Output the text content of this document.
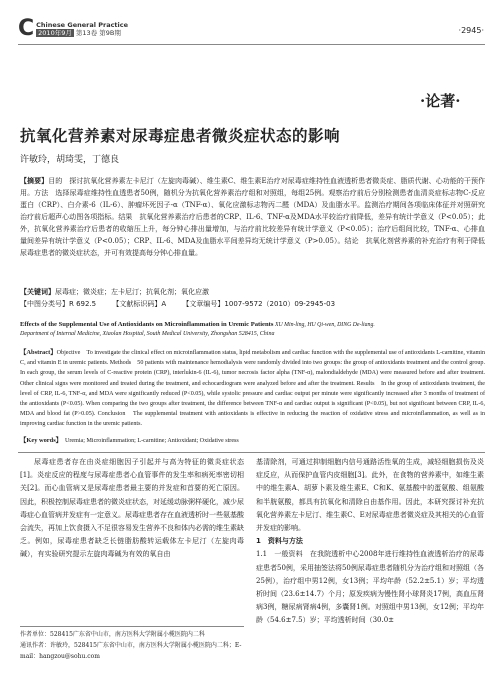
C Chinese General Practice
2010年9月 第13卷 第9B期	·2945·
·论著·
抗氧化营养素对尿毒症患者微炎症状态的影响
许敏玲，胡琦雯，丁德良
【摘要】目的　探讨抗氧化营养素左卡尼汀（左旋肉毒碱）、维生素C、维生素E治疗对尿毒症维持性血液透析患者微炎症、脂质代谢、心功能的干预作用。方法　选择尿毒症维持性血透患者50例，随机分为抗氧化营养素治疗组和对照组，每组25例。观察治疗前后分别检测患者血清炎症标志物C-反应蛋白（CRP）、白介素-6（IL-6）、肿瘤坏死因子-α（TNF-α）、氧化应激标志物丙二醛（MDA）及血脂水平。监测治疗期间各项临床体征并对照研究治疗前后超声心动图各项指标。结果　抗氧化营养素治疗后患者的CRP、IL-6、TNF-α及MDA水平较治疗前降低，差异有统计学意义（P<0.05）；此外，抗氧化营养素治疗后患者的收缩压上升，每分钟心排出量增加，与治疗前比较差异有统计学意义（P<0.05）；治疗后组间比较，TNF-α、心排血量间差异有统计学意义（P<0.05）；CRP、IL-6、MDA及血脂水平间差异均无统计学意义（P>0.05）。结论　抗氧化剂营养素的补充治疗有利于降低尿毒症患者的微炎症状态，并可有效提高每分钟心排血量。
【关键词】尿毒症；微炎症；左卡尼汀；抗氧化剂；氧化应激
【中图分类号】R 692.5 【文献标识码】A 【文章编号】1007-9572（2010）09-2945-03
Effects of the Supplemental Use of Antioxidants on Microinflammation in Uremic Patients XU Min-ling, HU Qi-wen, DING De-liang.
Department of Internal Medicine, Xiaolan Hospital, South Medical University, Zhongshan 528415, China
【Abstract】Objective　To investigate the clinical effect on microinflammation status, lipid metabolism and cardiac function with the supplemental use of antioxidants L-carnitine, vitamin C, and vitamin E in uremic patients. Methods　50 patients with maintenance hemodialysis were randomly divided into two groups: the group of antioxidants treatment and the control group. In each group, the serum levels of C-reactive protein (CRP), interlukin-6 (IL-6), tumor necrosis factor alpha (TNF-α), malondialdehyde (MDA) were measured before and after treatment. Other clinical signs were monitored and treated during the treatment, and echocardiogram were analyzed before and after the treatment. Results　In the group of antioxidants treatment, the level of CRP, IL-6, TNF-α, and MDA were significantly reduced (P<0.05), while systolic pressure and cardiac output per minute were significantly increased after 3 months of treatment of the antioxidants (P<0.05). When comparing the two groups after treatment, the difference between TNF-α and cardiac output is significant (P<0.05), but not significant between CRP, IL-6, MDA and blood fat (P>0.05). Conclusion　The supplemental treatment with antioxidants is effective in reducing the reaction of oxidative stress and microinflammation, as well as in improving cardiac function in the uremic patients.
【Key words】　 Uremia; Microinflammation; L-carnitine; Antioxidant; Oxidative stress

尿毒症患者存在由炎症细胞因子引起并与高为特征的微炎症状态[1]。炎症反应的程度与尿毒症患者心血管事件的发生率和病死率密切相关[2]。而心血管病又是尿毒症患者最主要的并发症和首要的死亡原因。因此，积极控制尿毒症患者的微炎症状态，对延缓动脉粥样硬化，减少尿毒症心血管病并发症有一定意义。尿毒症患者存在血液透析时一些氨基酸会流失，再加上饮食摄入不足很容易发生营养不良和体内必需的维生素缺乏。例如，尿毒症患者缺乏长链脂肪酸转运载体左卡尼汀（左旋肉毒碱），有实验研究提示左旋肉毒碱为有效的氧自由

作者单位：528415广东省中山市，南方医科大学附属小榄医院内二科

通讯作者：许敏玲，528415广东省中山市，南方医科大学附属小榄医院内二科；E-mail：hangzou@sohu.com

基清除剂，可通过抑制细胞内信号通路活性氧的生成，减轻细胞损伤及炎症反应，从而保护血管内皮细胞[3]。此外，在食物的营养素中，如维生素中的维生素A、胡萝卜素及维生素E、C和K、氨基酸中的蛋氨酸、组氨酸和半胱氨酸，都具有抗氧化和清除自由基作用。因此，本研究探讨补充抗氧化营养素左卡尼汀、维生素C、E对尿毒症患者微炎症及其相关的心血管并发症的影响。

1　资料与方法

1.1　一般资料　在我院透析中心2008年进行维持性血液透析治疗的尿毒症患者50例，采用抽签法将50例尿毒症患者随机分为治疗组和对照组（各25例），治疗组中男12例，女13例；平均年龄（52.2±5.1）岁；平均透析时间（23.6±14.7）个月；原发疾病为慢性肾小球肾炎17例，高血压肾病3例，糖尿病肾病4例，多囊肾1例。对照组中男13例，女12例；平均年龄（54.6±7.5）岁；平均透析时间（30.0±
